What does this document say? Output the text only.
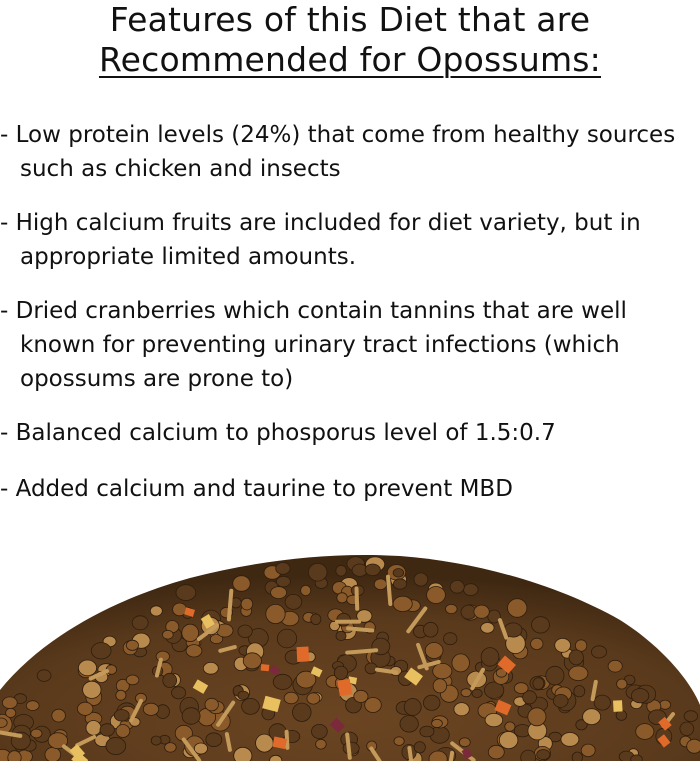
Features of this Diet that are
Recommended for Opossums:
- Low protein levels (24%) that come from healthy sources such as chicken and insects
- High calcium fruits are included for diet variety, but in appropriate limited amounts.
- Dried cranberries which contain tannins that are well known for preventing urinary tract infections (which opossums are prone to)
- Balanced calcium to phosporus level of 1.5:0.7
- Added calcium and taurine to prevent MBD
